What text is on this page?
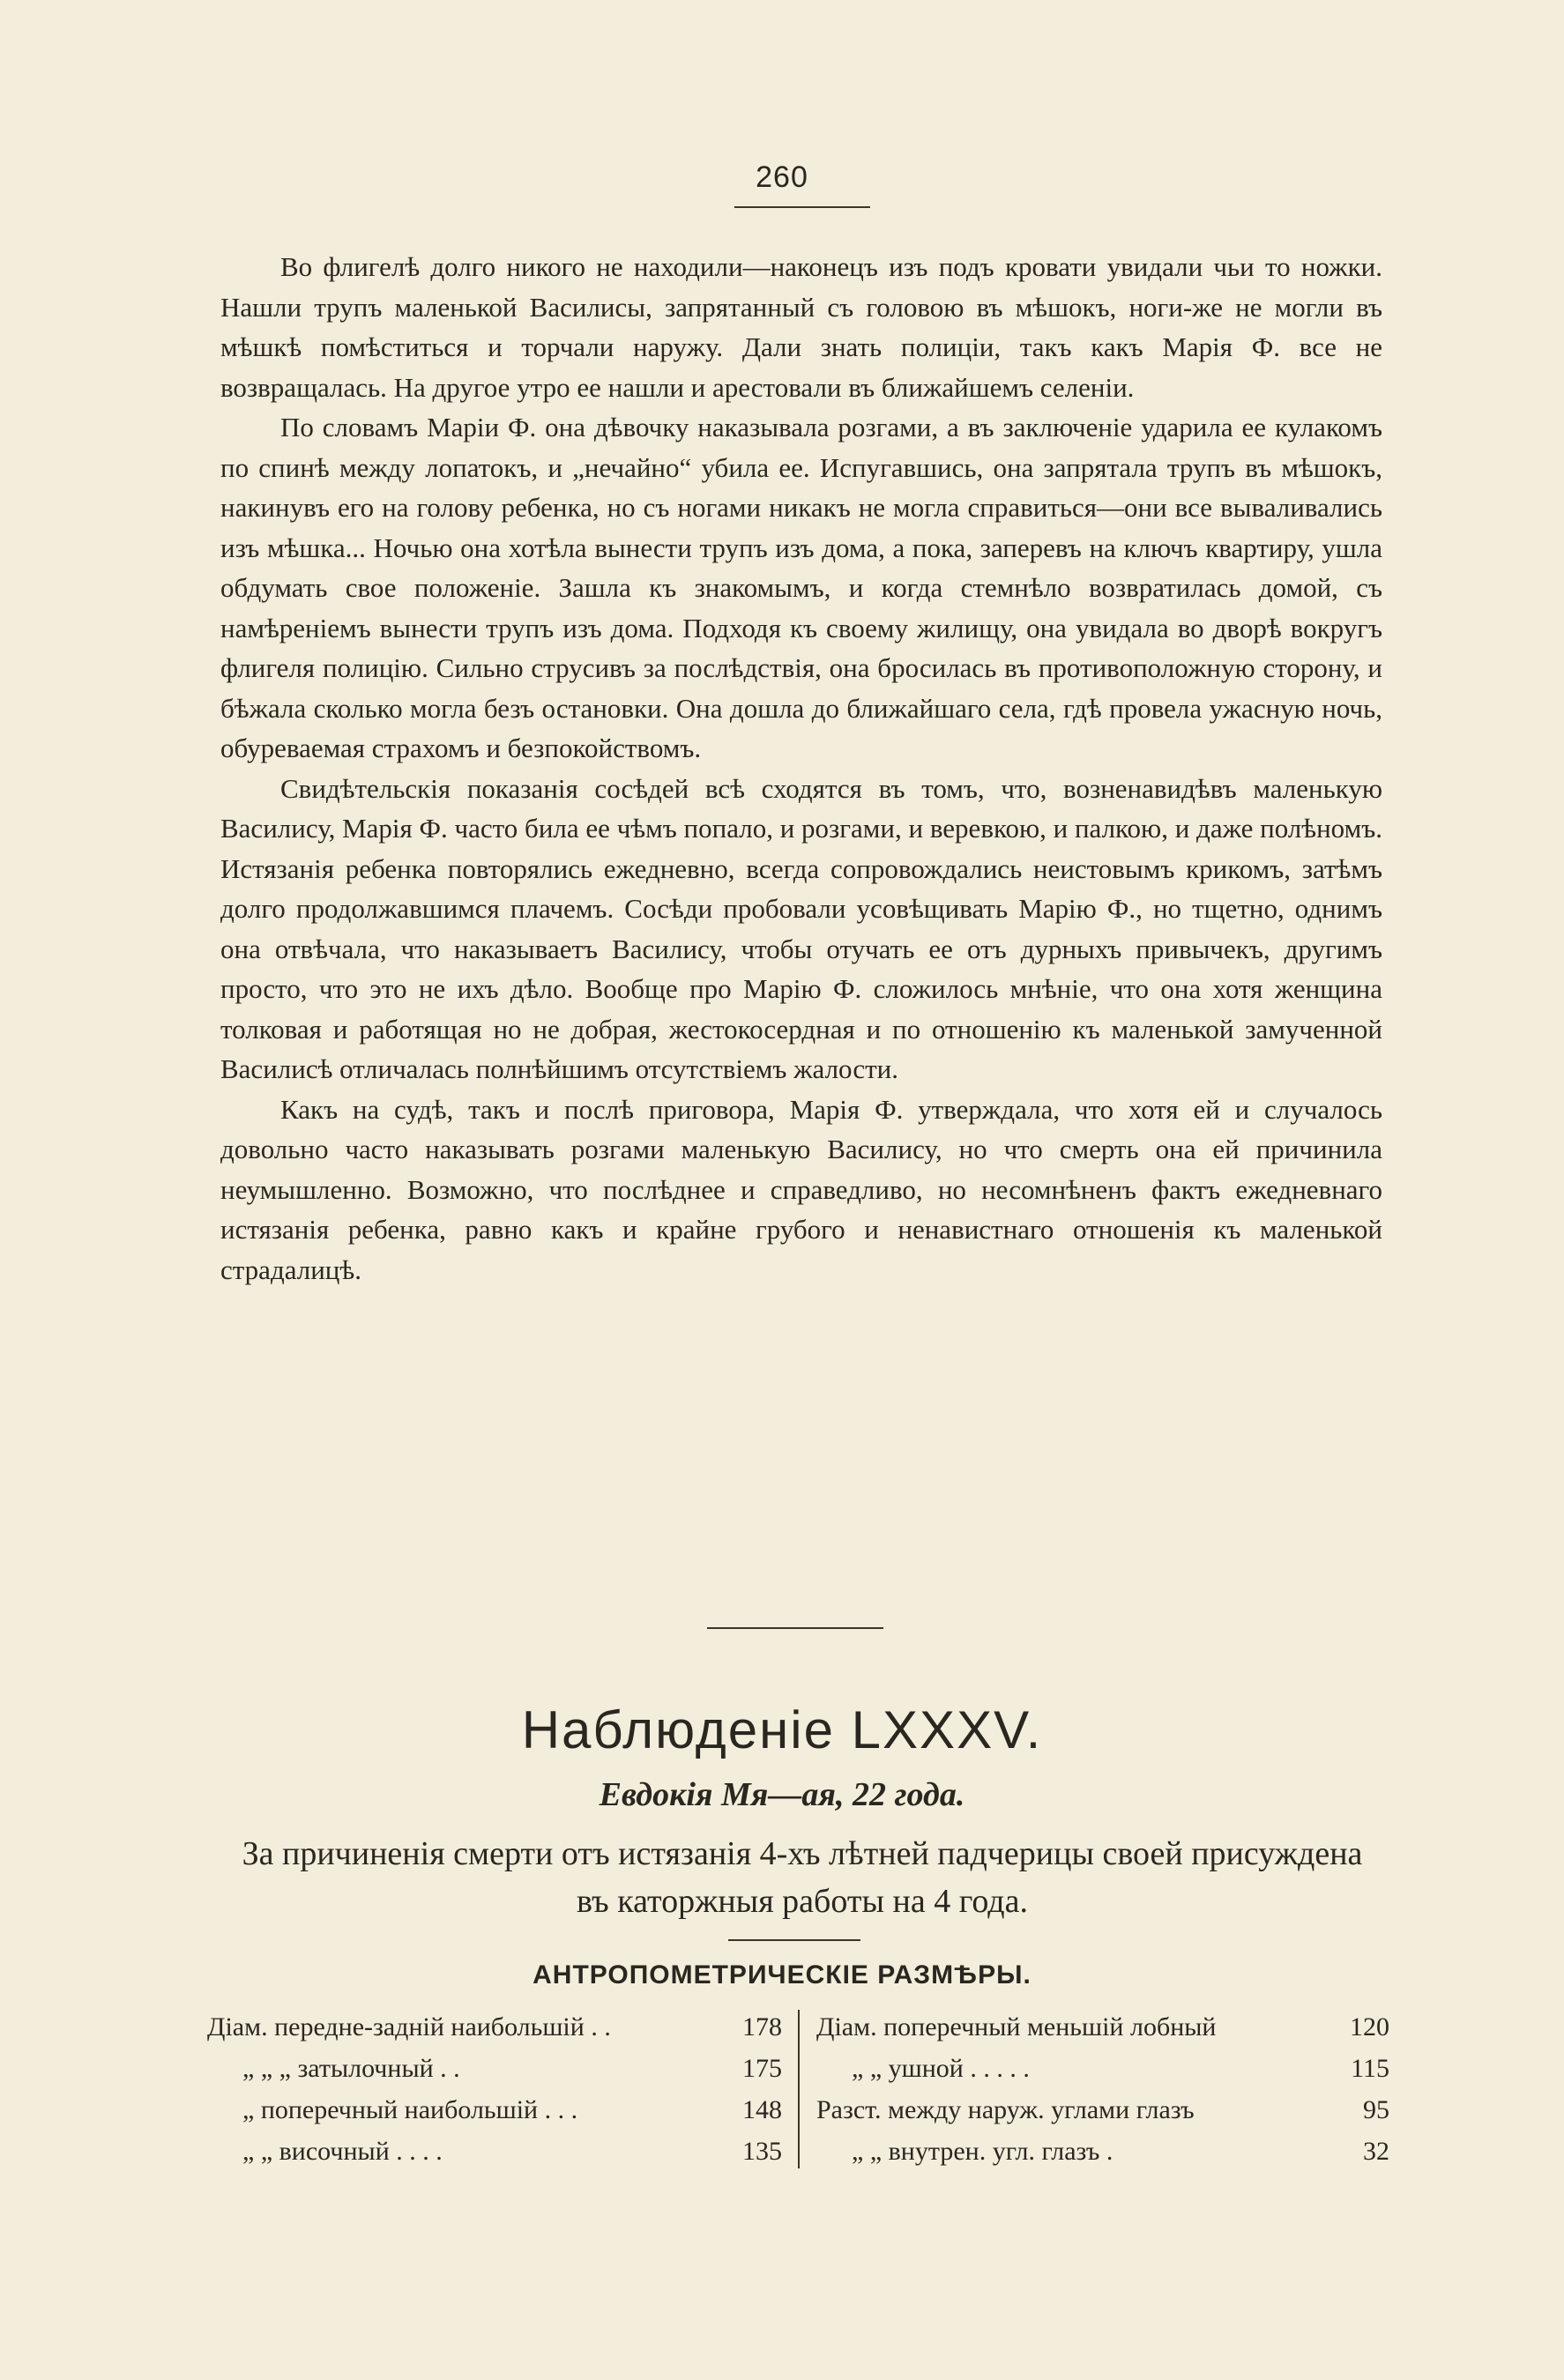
260

Во флигелѣ долго никого не находили—наконецъ изъ подъ кровати увидали чьи то ножки. Нашли трупъ маленькой Василисы, запрятанный съ головою въ мѣшокъ, ноги-же не могли въ мѣшкѣ помѣститься и торчали наружу. Дали знать полиціи, такъ какъ Марія Ф. все не возвращалась. На другое утро ее нашли и арестовали въ ближайшемъ селеніи.

По словамъ Маріи Ф. она дѣвочку наказывала розгами, а въ заключеніе ударила ее кулакомъ по спинѣ между лопатокъ, и „нечайно“ убила ее. Испугавшись, она запрятала трупъ въ мѣшокъ, накинувъ его на голову ребенка, но съ ногами никакъ не могла справиться—они все вываливались изъ мѣшка... Ночью она хотѣла вынести трупъ изъ дома, а пока, заперевъ на ключъ квартиру, ушла обдумать свое положеніе. Зашла къ знакомымъ, и когда стемнѣло возвратилась домой, съ намѣреніемъ вынести трупъ изъ дома. Подходя къ своему жилищу, она увидала во дворѣ вокругъ флигеля полицію. Сильно струсивъ за послѣдствія, она бросилась въ противоположную сторону, и бѣжала сколько могла безъ остановки. Она дошла до ближайшаго села, гдѣ провела ужасную ночь, обуреваемая страхомъ и безпокойствомъ.

Свидѣтельскія показанія сосѣдей всѣ сходятся въ томъ, что, возненавидѣвъ маленькую Василису, Марія Ф. часто била ее чѣмъ попало, и розгами, и веревкою, и палкою, и даже полѣномъ. Истязанія ребенка повторялись ежедневно, всегда сопровождались неистовымъ крикомъ, затѣмъ долго продолжавшимся плачемъ. Сосѣди пробовали усовѣщивать Марію Ф., но тщетно, однимъ она отвѣчала, что наказываетъ Василису, чтобы отучать ее отъ дурныхъ привычекъ, другимъ просто, что это не ихъ дѣло. Вообще про Марію Ф. сложилось мнѣніе, что она хотя женщина толковая и работящая но не добрая, жестокосердная и по отношенію къ маленькой замученной Василисѣ отличалась полнѣйшимъ отсутствіемъ жалости.

Какъ на судѣ, такъ и послѣ приговора, Марія Ф. утверждала, что хотя ей и случалось довольно часто наказывать розгами маленькую Василису, но что смерть она ей причинила неумышленно. Возможно, что послѣднее и справедливо, но несомнѣненъ фактъ ежедневнаго истязанія ребенка, равно какъ и крайне грубого и ненавистнаго отношенія къ маленькой страдалицѣ.

Наблюденіе LXXXV.
Евдокія Мя—ая, 22 года.
За причиненія смерти отъ истязанія 4-хъ лѣтней падчерицы своей присуждена въ каторжныя работы на 4 года.
АНТРОПОМЕТРИЧЕСКІЕ РАЗМѢРЫ.
Діам. передне-задній наибольшій . .	178
„ „ „ затылочный . .	175
„ поперечный наибольшій . . .	148
„ „ височный . . . .	135
Діам. поперечный меньшій лобный	120
„ „ ушной . . . . .	115
Разст. между наруж. углами глазъ	95
„ „ внутрен. угл. глазъ .	32
